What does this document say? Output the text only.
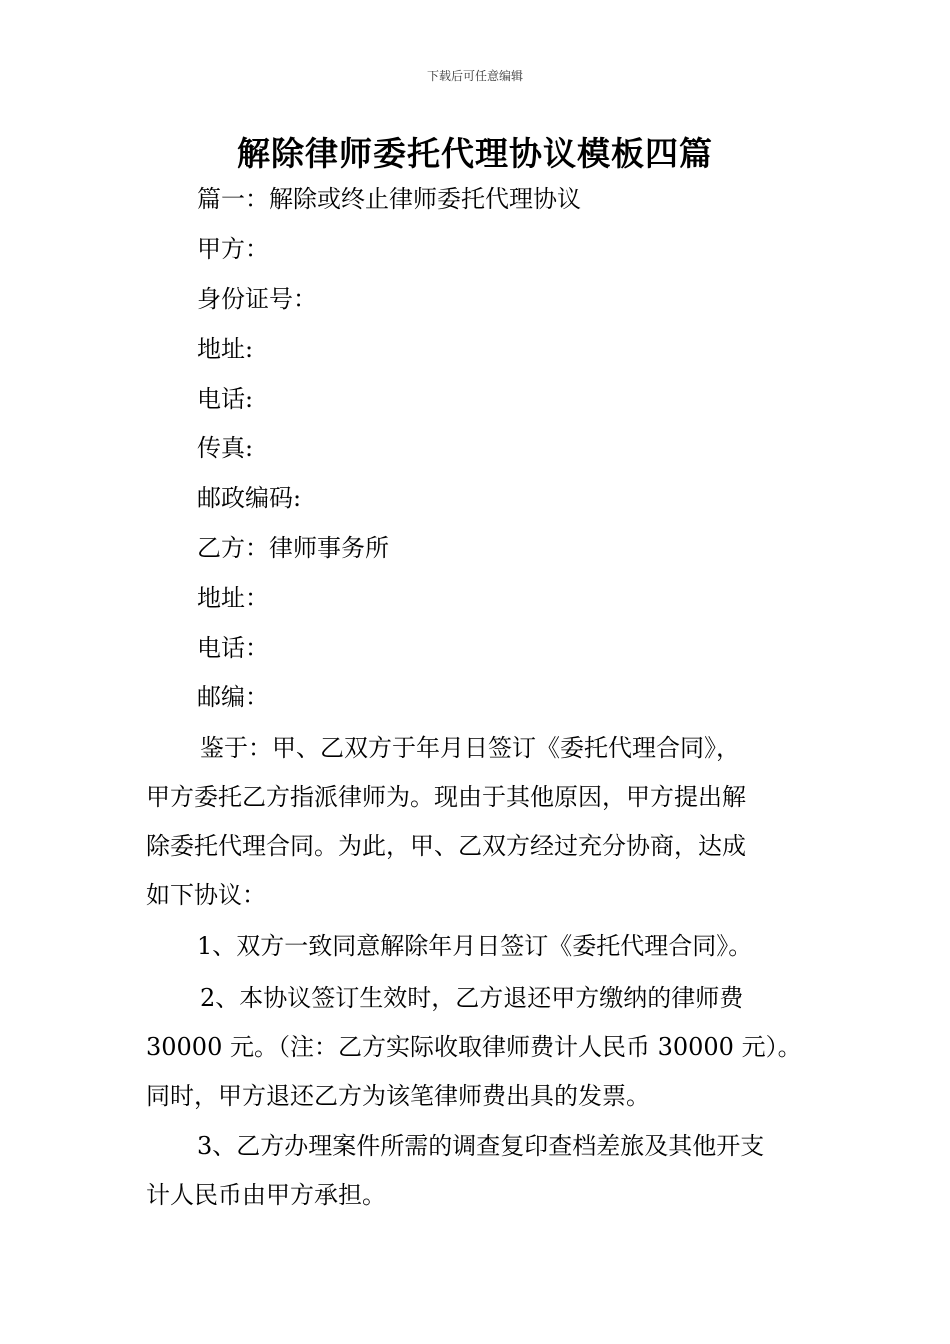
下载后可任意编辑
解除律师委托代理协议模板四篇
篇一：解除或终止律师委托代理协议
甲方：
身份证号：
地址:
电话:
传真:
邮政编码:
乙方：律师事务所
地址：
电话：
邮编：
鉴于：甲、乙双方于年月日签订《委托代理合同》，
甲方委托乙方指派律师为。现由于其他原因，甲方提出解
除委托代理合同。为此，甲、乙双方经过充分协商，达成
如下协议：
1、双方一致同意解除年月日签订《委托代理合同》。
2、本协议签订生效时，乙方退还甲方缴纳的律师费
30000 元。（注：乙方实际收取律师费计人民币 30000 元）。
同时，甲方退还乙方为该笔律师费出具的发票。
3、乙方办理案件所需的调查复印查档差旅及其他开支
计人民币由甲方承担。
